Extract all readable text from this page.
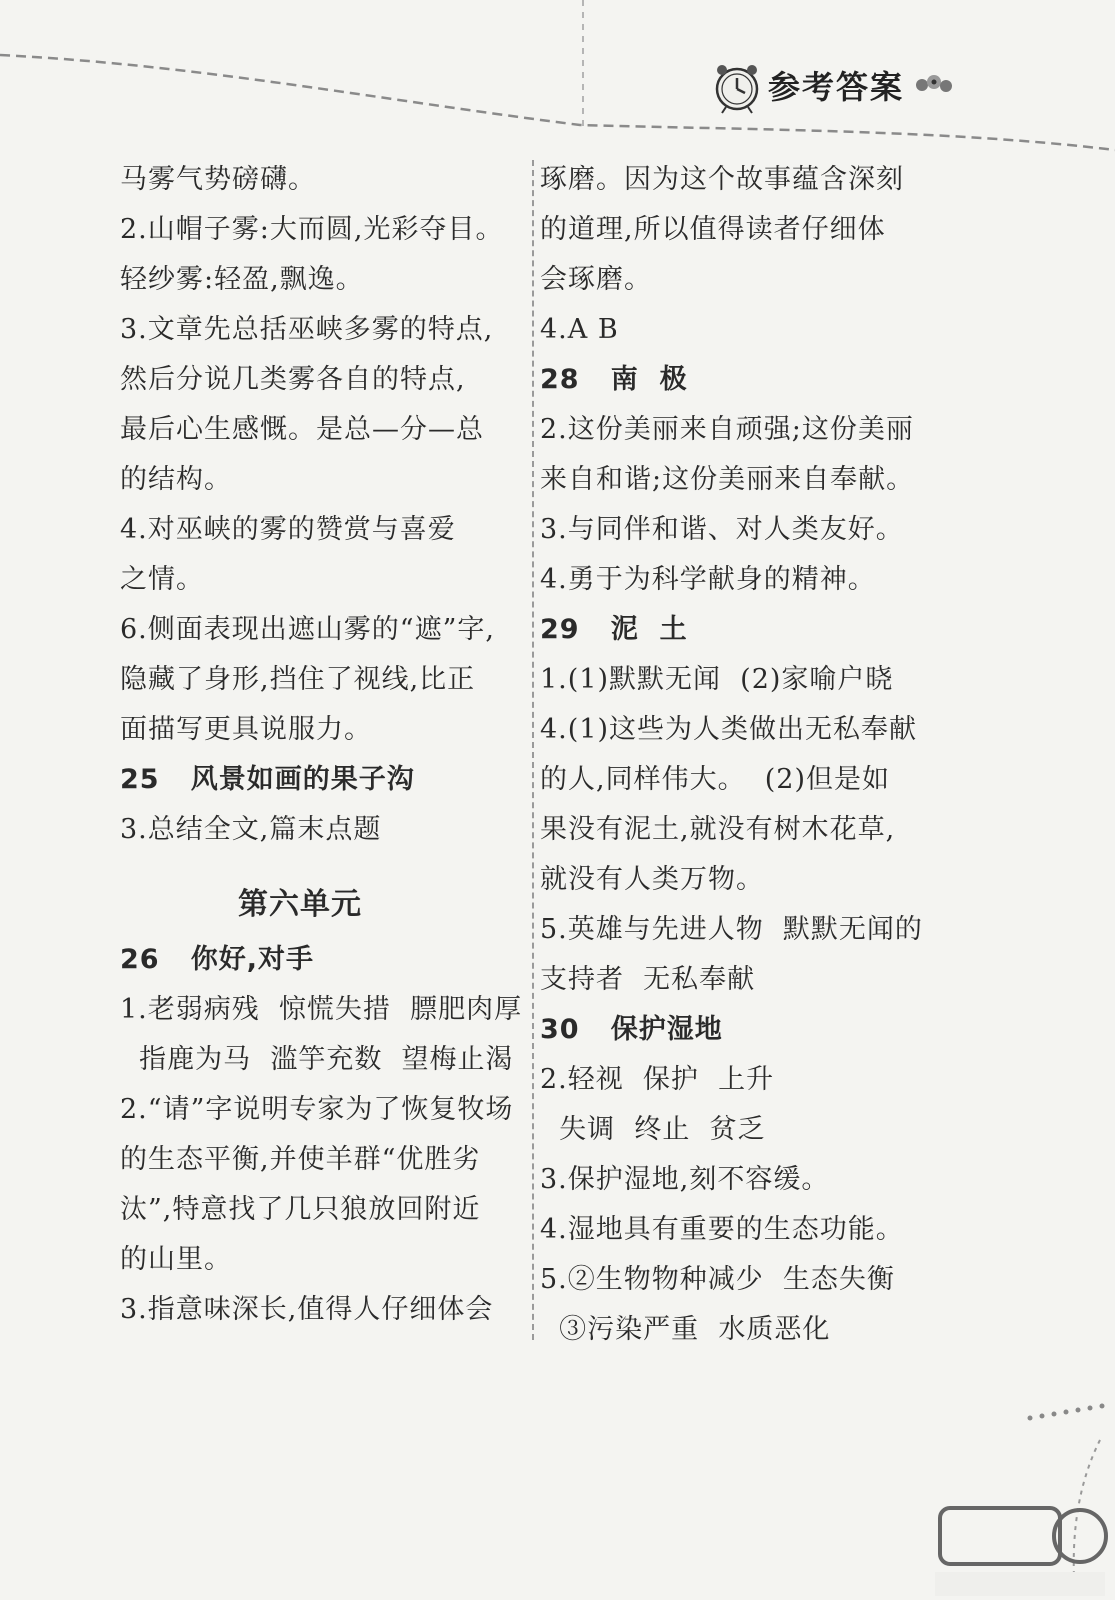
参考答案
马雾气势磅礴。
2.山帽子雾:大而圆,光彩夺目。
轻纱雾:轻盈,飘逸。
3.文章先总括巫峡多雾的特点,
然后分说几类雾各自的特点,
最后心生感慨。是总—分—总
的结构。
4.对巫峡的雾的赞赏与喜爱
之情。
6.侧面表现出遮山雾的“遮”字,
隐藏了身形,挡住了视线,比正
面描写更具说服力。
25   风景如画的果子沟
3.总结全文,篇末点题
第六单元
26   你好,对手
1.老弱病残  惊慌失措  膘肥肉厚
指鹿为马  滥竽充数  望梅止渴
2.“请”字说明专家为了恢复牧场
的生态平衡,并使羊群“优胜劣
汰”,特意找了几只狼放回附近
的山里。
3.指意味深长,值得人仔细体会
琢磨。因为这个故事蕴含深刻
的道理,所以值得读者仔细体
会琢磨。
4.A B
28   南  极
2.这份美丽来自顽强;这份美丽
来自和谐;这份美丽来自奉献。
3.与同伴和谐、对人类友好。
4.勇于为科学献身的精神。
29   泥  土
1.(1)默默无闻  (2)家喻户晓
4.(1)这些为人类做出无私奉献
的人,同样伟大。  (2)但是如
果没有泥土,就没有树木花草,
就没有人类万物。
5.英雄与先进人物  默默无闻的
支持者  无私奉献
30   保护湿地
2.轻视  保护  上升
失调  终止  贫乏
3.保护湿地,刻不容缓。
4.湿地具有重要的生态功能。
5.②生物物种减少  生态失衡
③污染严重  水质恶化
